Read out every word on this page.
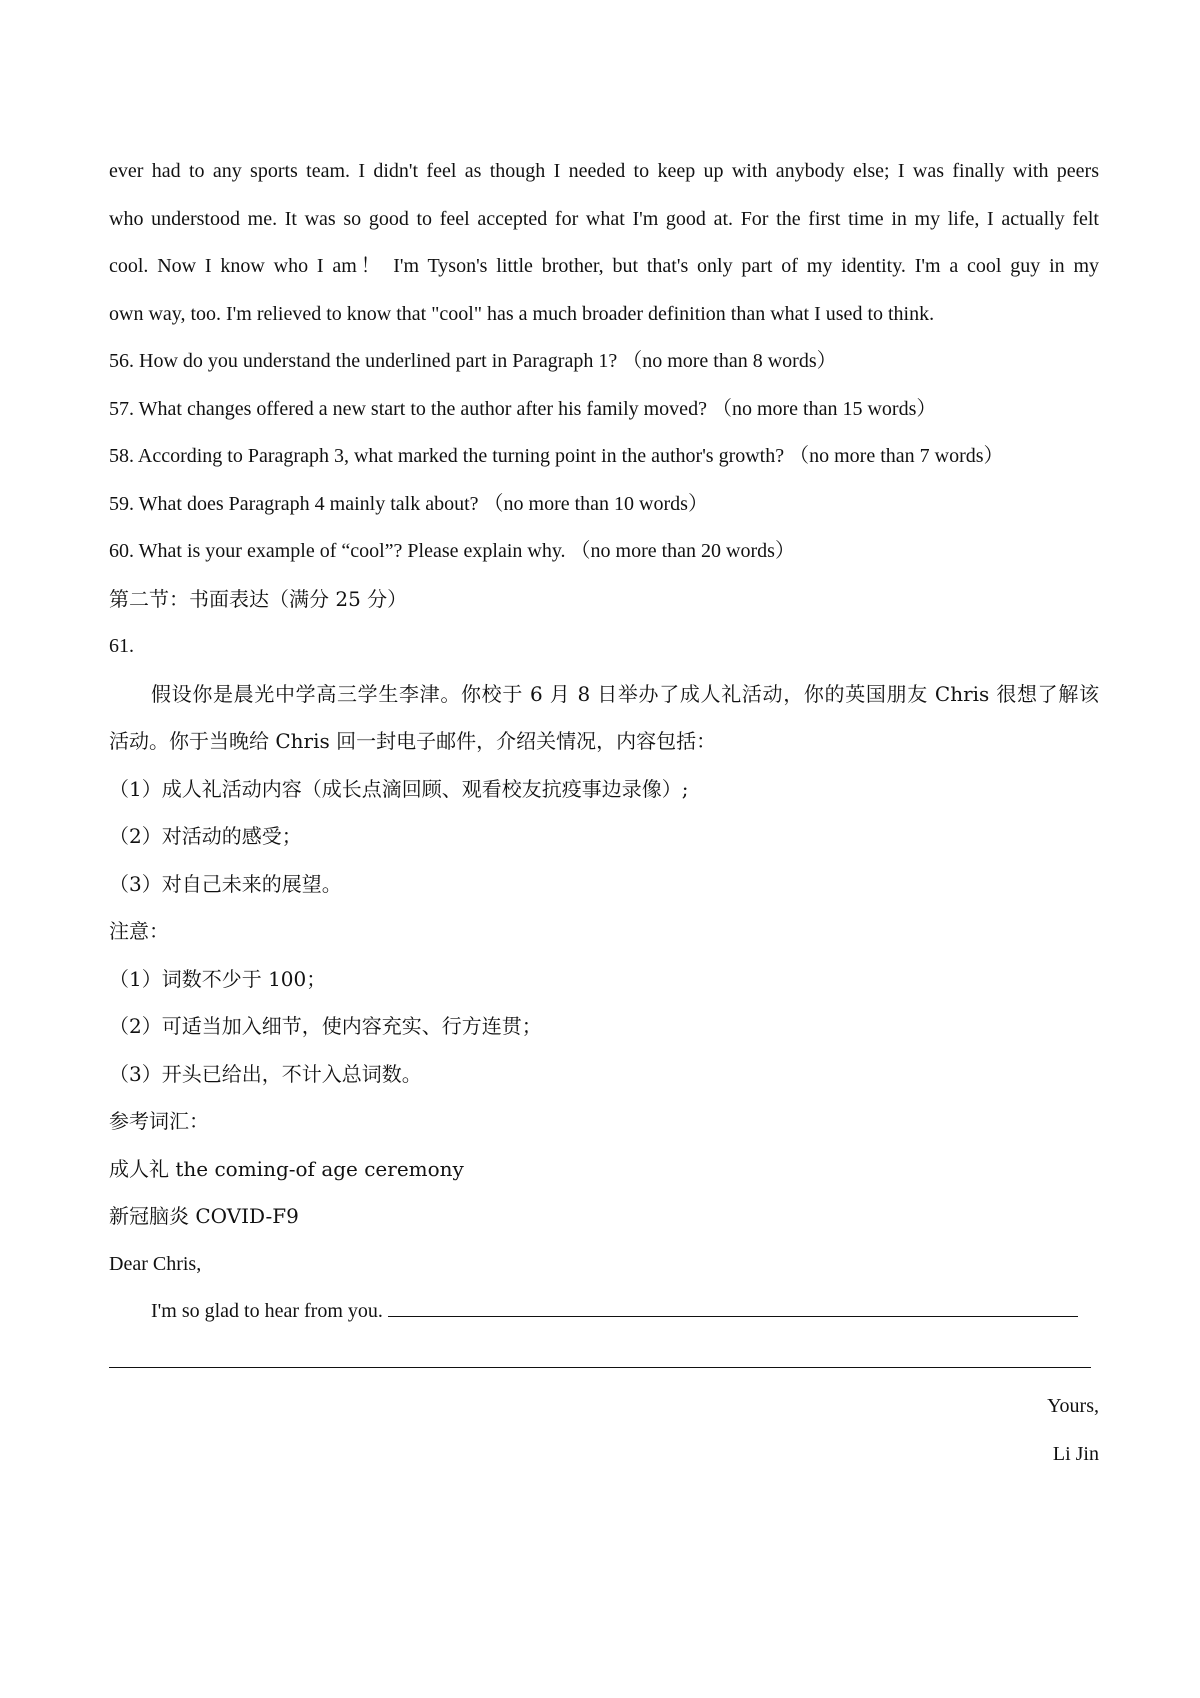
ever had to any sports team. I didn't feel as though I needed to keep up with anybody else; I was finally with peers
who understood me. It was so good to feel accepted for what I'm good at. For the first time in my life, I actually felt
cool. Now I know who I am！ I'm Tyson's little brother, but that's only part of my identity. I'm a cool guy in my
own way, too. I'm relieved to know that "cool" has a much broader definition than what I used to think.

56. How do you understand the underlined part in Paragraph 1? （no more than 8 words）

57. What changes offered a new start to the author after his family moved? （no more than 15 words）

58. According to Paragraph 3, what marked the turning point in the author's growth? （no more than 7 words）

59. What does Paragraph 4 mainly talk about? （no more than 10 words）

60. What is your example of “cool”? Please explain why. （no more than 20 words）

第二节：书面表达（满分 25 分）

61.

假设你是晨光中学高三学生李津。你校于 6 月 8 日举办了成人礼活动，你的英国朋友 Chris 很想了解该
活动。你于当晚给 Chris 回一封电子邮件，介绍关情况，内容包括：

（1）成人礼活动内容（成长点滴回顾、观看校友抗疫事边录像）;

（2）对活动的感受；

（3）对自己未来的展望。

注意：

（1）词数不少于 100；

（2）可适当加入细节，使内容充实、行方连贯；

（3）开头已给出，不计入总词数。

参考词汇：

成人礼 the coming-of age ceremony

新冠脑炎 COVID-F9

Dear Chris,

I'm so glad to hear from you.

Yours,

Li Jin
